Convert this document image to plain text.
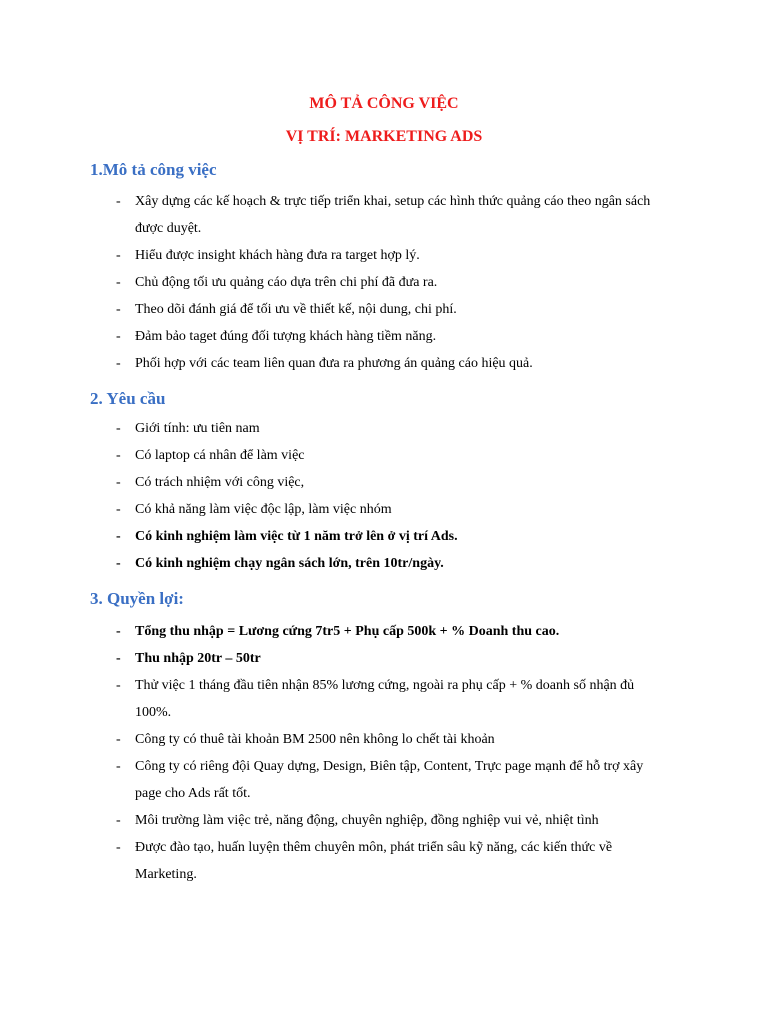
MÔ TẢ CÔNG VIỆC
VỊ TRÍ: MARKETING ADS
1.Mô tả công việc
- Xây dựng các kế hoạch & trực tiếp triển khai, setup các hình thức quảng cáo theo ngân sách được duyệt.
- Hiểu được insight khách hàng đưa ra target hợp lý.
- Chủ động tối ưu quảng cáo dựa trên chi phí đã đưa ra.
- Theo dõi đánh giá để tối ưu về thiết kế, nội dung, chi phí.
- Đảm bảo taget đúng đối tượng khách hàng tiềm năng.
- Phối hợp với các team liên quan đưa ra phương án quảng cáo hiệu quả.
2. Yêu cầu
- Giới tính: ưu tiên nam
- Có laptop cá nhân để làm việc
- Có trách nhiệm với công việc,
- Có khả năng làm việc độc lập, làm việc nhóm
- Có kinh nghiệm làm việc từ 1 năm trở lên ở vị trí Ads.
- Có kinh nghiệm chạy ngân sách lớn, trên 10tr/ngày.
3. Quyền lợi:
- Tổng thu nhập = Lương cứng 7tr5 + Phụ cấp 500k + % Doanh thu cao.
- Thu nhập 20tr – 50tr
- Thử việc 1 tháng đầu tiên nhận 85% lương cứng, ngoài ra phụ cấp + % doanh số nhận đủ 100%.
- Công ty có thuê tài khoản BM 2500 nên không lo chết tài khoản
- Công ty có riêng đội Quay dựng, Design, Biên tập, Content, Trực page mạnh để hỗ trợ xây page cho Ads rất tốt.
- Môi trường làm việc trẻ, năng động, chuyên nghiệp, đồng nghiệp vui vẻ, nhiệt tình
- Được đào tạo, huấn luyện thêm chuyên môn, phát triển sâu kỹ năng, các kiến thức về Marketing.
